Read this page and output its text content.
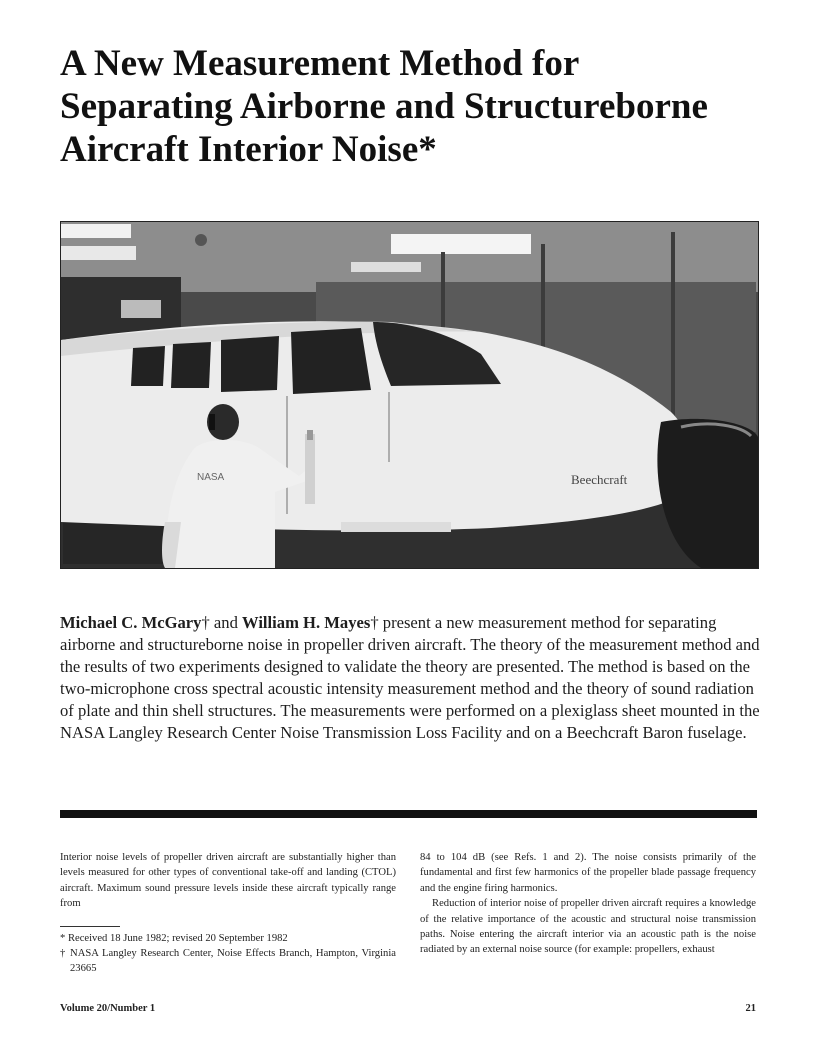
A New Measurement Method for
Separating Airborne and Structureborne
Aircraft Interior Noise*
Beechcraft
NASA
Michael C. McGary† and William H. Mayes† present a new measurement method for separating airborne and structureborne noise in propeller driven aircraft. The theory of the measurement method and the results of two experiments designed to validate the theory are presented. The method is based on the two-microphone cross spectral acoustic intensity measurement method and the theory of sound radiation of plate and thin shell structures. The measurements were performed on a plexiglass sheet mounted in the NASA Langley Research Center Noise Transmission Loss Facility and on a Beechcraft Baron fuselage.

Interior noise levels of propeller driven aircraft are substantially higher than levels measured for other types of conventional take-off and landing (CTOL) aircraft. Maximum sound pressure levels inside these aircraft typically range from

* Received 18 June 1982; revised 20 September 1982

† NASA Langley Research Center, Noise Effects Branch, Hampton, Virginia 23665

84 to 104 dB (see Refs. 1 and 2). The noise consists primarily of the fundamental and first few harmonics of the propeller blade passage frequency and the engine firing harmonics.

Reduction of interior noise of propeller driven aircraft requires a knowledge of the relative importance of the acoustic and structural noise transmission paths. Noise entering the aircraft interior via an acoustic path is the noise radiated by an external noise source (for example: propellers, exhaust

Volume 20/Number 1	21
